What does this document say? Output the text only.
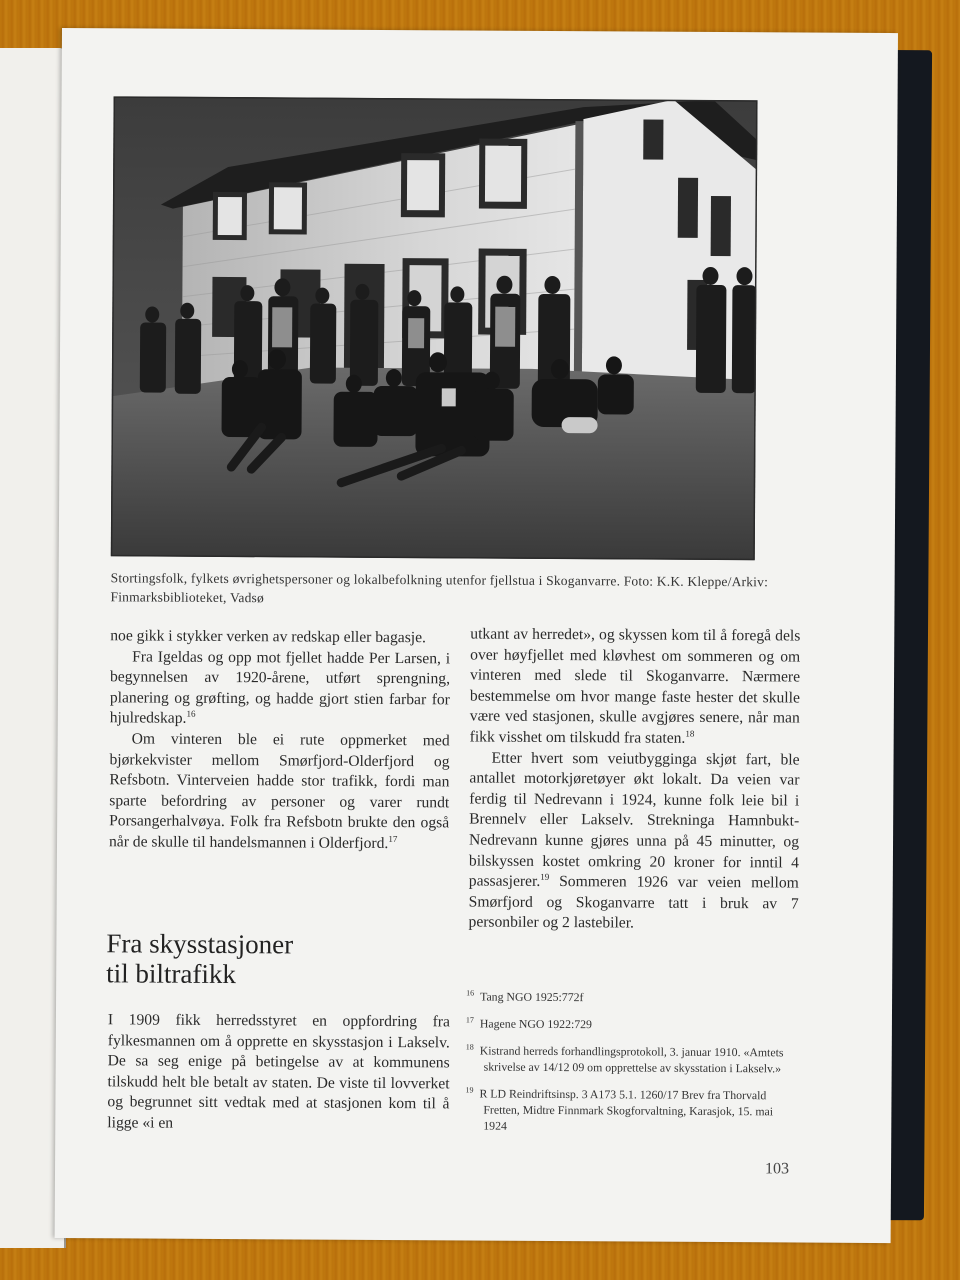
Stortingsfolk, fylkets øvrighetspersoner og lokalbefolkning utenfor fjellstua i Skoganvarre. Foto: K.K. Kleppe/Arkiv: Finmarksbiblioteket, Vadsø

noe gikk i stykker verken av redskap eller bagasje.

Fra Igeldas og opp mot fjellet hadde Per Larsen, i begynnelsen av 1920-årene, utført sprengning, planering og grøfting, og hadde gjort stien farbar for hjulredskap.$^{16}$

Om vinteren ble ei rute oppmerket med bjørkekvister mellom Smørfjord-Olderfjord og Refsbotn. Vinterveien hadde stor trafikk, fordi man sparte befordring av personer og varer rundt Porsangerhalvøya. Folk fra Refsbotn brukte den også når de skulle til handelsmannen i Olderfjord.$^{17}$

Fra skysstasjoner
til biltrafikk

I 1909 fikk herredsstyret en oppfordring fra fylkesmannen om å opprette en skysstasjon i Lakselv. De sa seg enige på betingelse av at kommunens tilskudd helt ble betalt av staten. De viste til lovverket og begrunnet sitt vedtak med at stasjonen kom til å ligge «i en

utkant av herredet», og skyssen kom til å foregå dels over høyfjellet med kløvhest om sommeren og om vinteren med slede til Skoganvarre. Nærmere bestemmelse om hvor mange faste hester det skulle være ved stasjonen, skulle avgjøres senere, når man fikk visshet om tilskudd fra staten.$^{18}$

Etter hvert som veiutbygginga skjøt fart, ble antallet motorkjøretøyer økt lokalt. Da veien var ferdig til Nedrevann i 1924, kunne folk leie bil i Brennelv eller Lakselv. Strekninga Hamnbukt-Nedrevann kunne gjøres unna på 45 minutter, og bilskyssen kostet omkring 20 kroner for inntil 4 passasjerer.$^{19}$ Sommeren 1926 var veien mellom Smørfjord og Skoganvarre tatt i bruk av 7 personbiler og 2 lastebiler.

$^{16}$ Tang NGO 1925:772f

$^{17}$ Hagene NGO 1922:729

$^{18}$ Kistrand herreds forhandlingsprotokoll, 3. januar 1910. «Amtets skrivelse av 14/12 09 om opprettelse av skysstation i Lakselv.»

$^{19}$ R LD Reindriftsinsp. 3 A173 5.1. 1260/17 Brev fra Thorvald Fretten, Midtre Finnmark Skogforvaltning, Karasjok, 15. mai 1924

103
